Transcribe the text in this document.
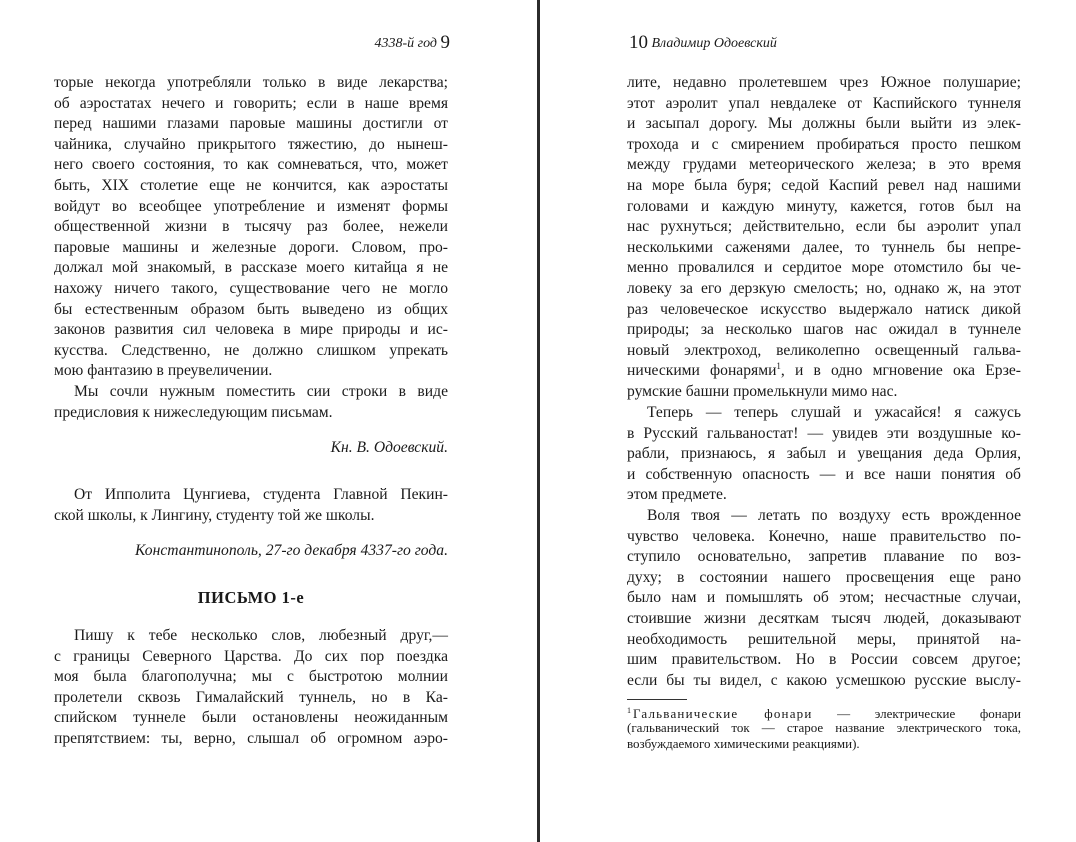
4338-й год 9
торые некогда употребляли только в виде лекарства;
об аэростатах нечего и говорить; если в наше время
перед нашими глазами паровые машины достигли от
чайника, случайно прикрытого тяжестию, до нынеш-
него своего состояния, то как сомневаться, что, может
быть, XIX столетие еще не кончится, как аэростаты
войдут во всеобщее употребление и изменят формы
общественной жизни в тысячу раз более, нежели
паровые машины и железные дороги. Словом, про-
должал мой знакомый, в рассказе моего китайца я не
нахожу ничего такого, существование чего не могло
бы естественным образом быть выведено из общих
законов развития сил человека в мире природы и ис-
кусства. Следственно, не должно слишком упрекать
мою фантазию в преувеличении.
Мы сочли нужным поместить сии строки в виде
предисловия к нижеследующим письмам.
Кн. В. Одоевский.
От Ипполита Цунгиева, студента Главной Пекин-
ской школы, к Лингину, студенту той же школы.
Константинополь, 27-го декабря 4337-го года.
ПИСЬМО 1-е
Пишу к тебе несколько слов, любезный друг,—
с границы Северного Царства. До сих пор поездка
моя была благополучна; мы с быстротою молнии
пролетели сквозь Гималайский туннель, но в Ка-
спийском туннеле были остановлены неожиданным
препятствием: ты, верно, слышал об огромном аэро-
10 Владимир Одоевский
лите, недавно пролетевшем чрез Южное полушарие;
этот аэролит упал невдалеке от Каспийского туннеля
и засыпал дорогу. Мы должны были выйти из элек-
трохода и с смирением пробираться просто пешком
между грудами метеорического железа; в это время
на море была буря; седой Каспий ревел над нашими
головами и каждую минуту, кажется, готов был на
нас рухнуться; действительно, если бы аэролит упал
несколькими саженями далее, то туннель бы непре-
менно провалился и сердитое море отомстило бы че-
ловеку за его дерзкую смелость; но, однако ж, на этот
раз человеческое искусство выдержало натиск дикой
природы; за несколько шагов нас ожидал в туннеле
новый электроход, великолепно освещенный гальва-
ническими фонарями$^1$, и в одно мгновение ока Ерзе-
румские башни промелькнули мимо нас.
Теперь — теперь слушай и ужасайся! я сажусь
в Русский гальваностат! — увидев эти воздушные ко-
рабли, признаюсь, я забыл и увещания деда Орлия,
и собственную опасность — и все наши понятия об
этом предмете.
Воля твоя — летать по воздуху есть врожденное
чувство человека. Конечно, наше правительство по-
ступило основательно, запретив плавание по воз-
духу; в состоянии нашего просвещения еще рано
было нам и помышлять об этом; несчастные случаи,
стоившие жизни десяткам тысяч людей, доказывают
необходимость решительной меры, принятой на-
шим правительством. Но в России совсем другое;
если бы ты видел, с какою усмешкою русские выслу-
$^1$ Гальванические фонари — электрические фонари
(гальванический ток — старое название электрического тока,
возбуждаемого химическими реакциями).
